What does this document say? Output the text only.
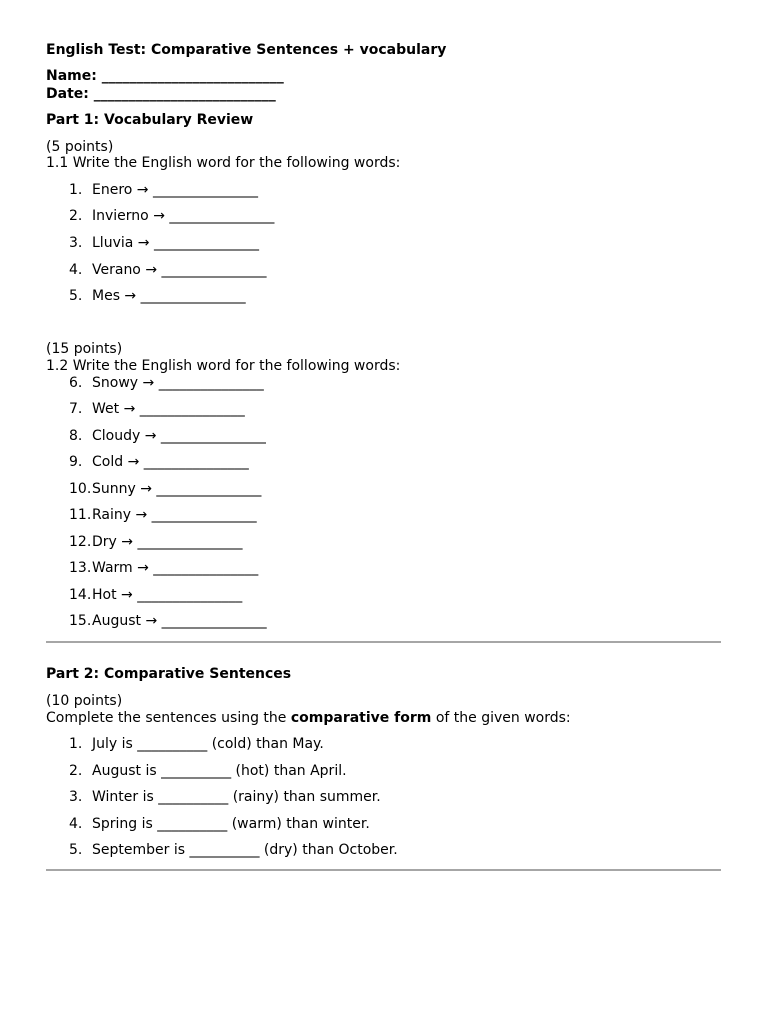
English Test: Comparative Sentences + vocabulary
Name: __________________________
Date: __________________________
Part 1: Vocabulary Review
(5 points)
1.1 Write the English word for the following words:
1. Enero → _______________
2. Invierno → _______________
3. Lluvia → _______________
4. Verano → _______________
5. Mes → _______________
(15 points)
1.2 Write the English word for the following words:
6. Snowy → _______________
7. Wet → _______________
8. Cloudy → _______________
9. Cold → _______________
10.Sunny → _______________
11.Rainy → _______________
12.Dry → _______________
13.Warm → _______________
14.Hot → _______________
15.August → _______________
Part 2: Comparative Sentences
(10 points)
Complete the sentences using the comparative form of the given words:
1. July is __________ (cold) than May.
2. August is __________ (hot) than April.
3. Winter is __________ (rainy) than summer.
4. Spring is __________ (warm) than winter.
5. September is __________ (dry) than October.
